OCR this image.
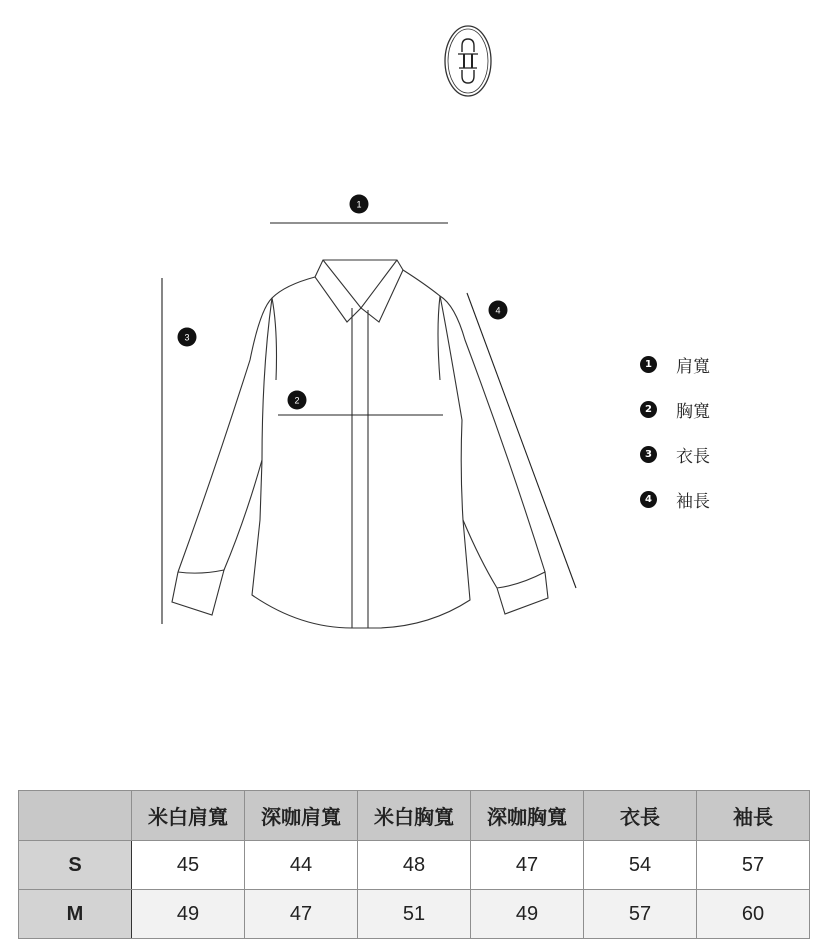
1
2
3
4
1 肩寬
2 胸寬
3 衣長
4 袖長
	米白肩寬	深咖肩寬	米白胸寬	深咖胸寬	衣長	袖長
S	45	44	48	47	54	57
M	49	47	51	49	57	60
